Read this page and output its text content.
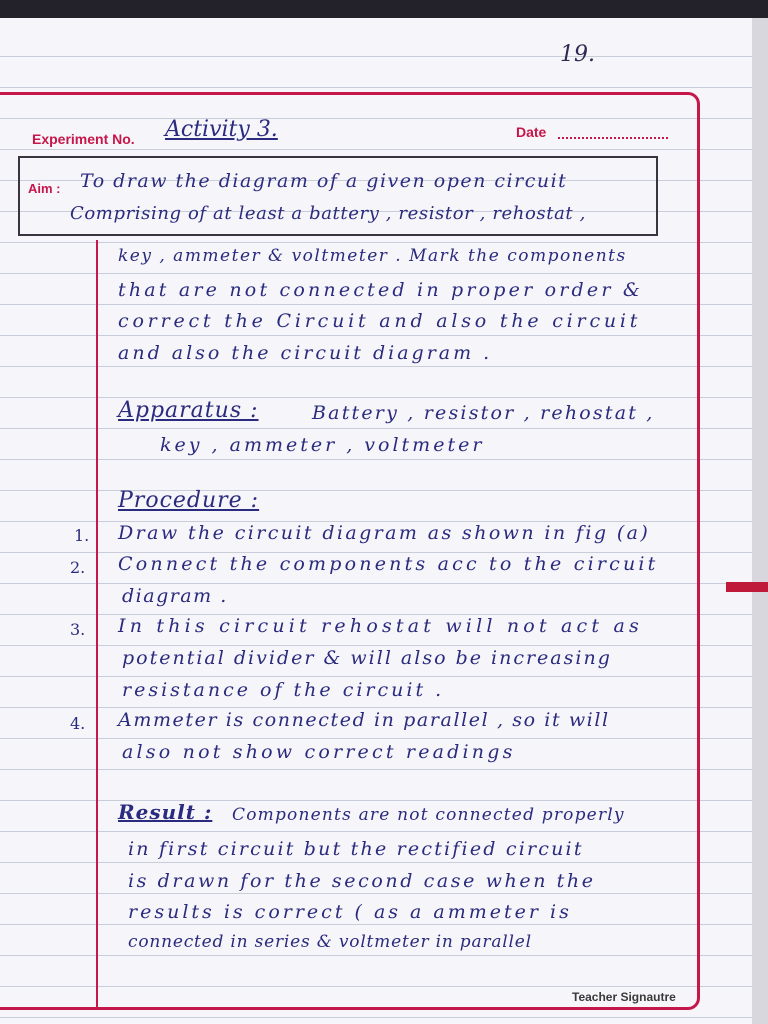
19.
Experiment No. Activity 3.	Date
Aim : To draw the diagram of a given open circuit
Comprising of at least a battery , resistor , rehostat ,
key , ammeter & voltmeter . Mark the components
that are not connected in proper order &
correct the Circuit and also the circuit
and also the circuit diagram .
Apparatus :	Battery , resistor , rehostat ,
key , ammeter , voltmeter
Procedure :
1. Draw the circuit diagram as shown in fig (a)
2. Connect the components acc to the circuit
diagram .
3. In this circuit rehostat will not act as
potential divider & will also be increasing
resistance of the circuit .
4. Ammeter is connected in parallel , so it will
also not show correct readings
Result : Components are not connected properly
in first circuit but the rectified circuit
is drawn for the second case when the
results is correct ( as a ammeter is
connected in series & voltmeter in parallel
Teacher Signautre
